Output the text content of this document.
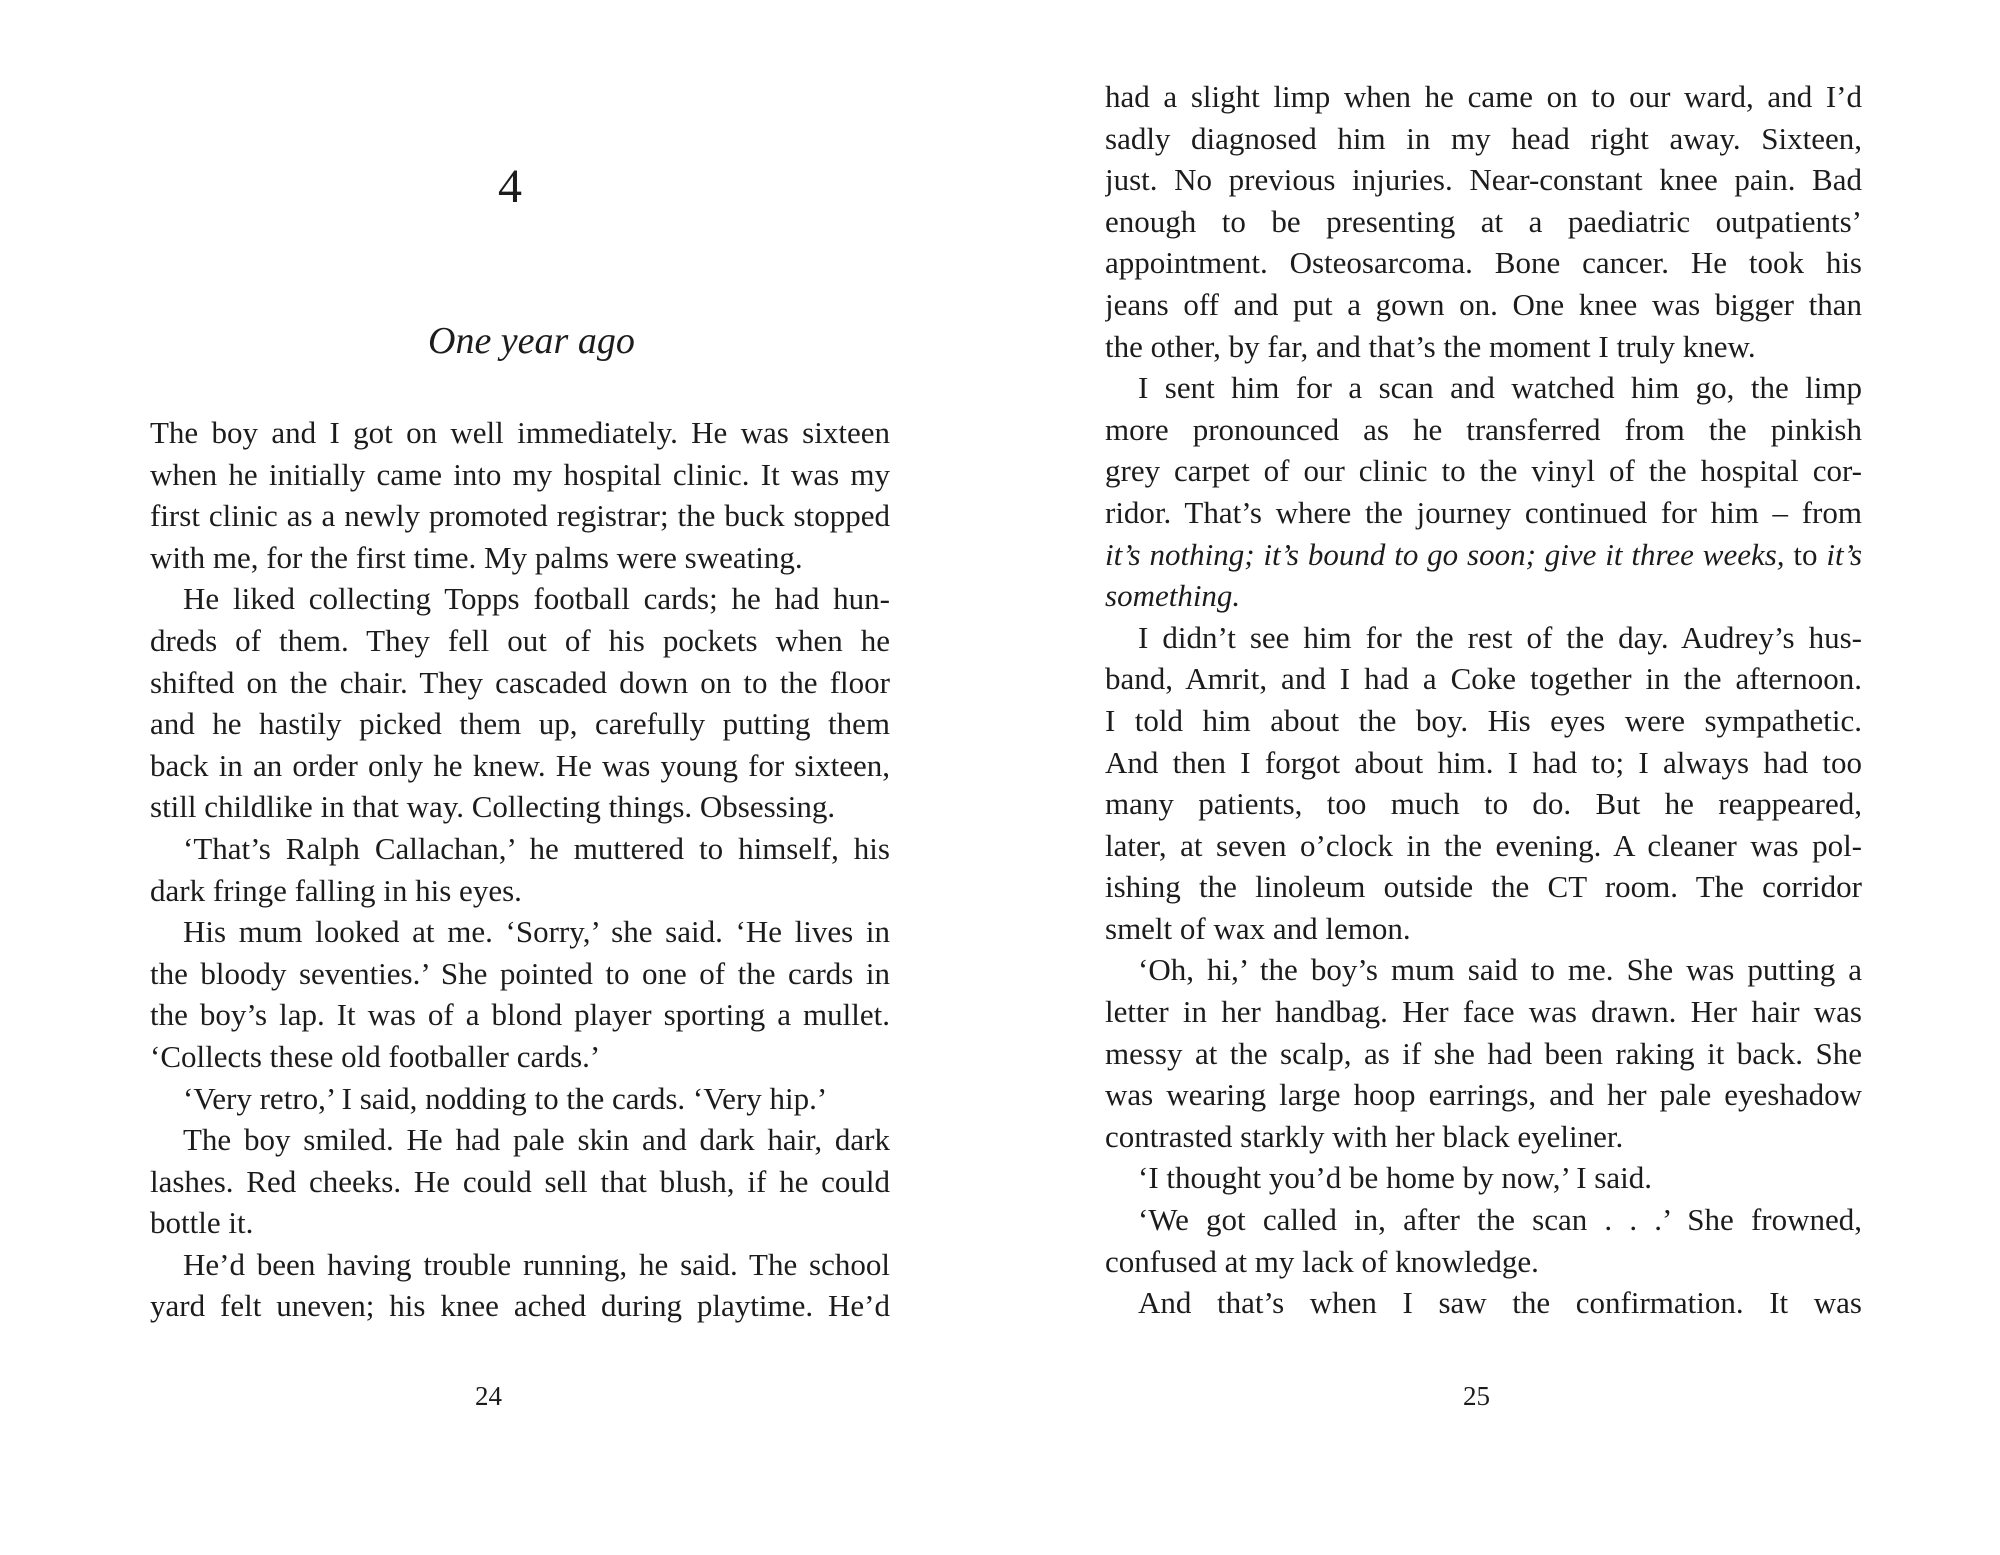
4
One year ago
The boy and I got on well immediately. He was sixteen
when he initially came into my hospital clinic. It was my
first clinic as a newly promoted registrar; the buck stopped
with me, for the first time. My palms were sweating.
He liked collecting Topps football cards; he had hun-
dreds of them. They fell out of his pockets when he
shifted on the chair. They cascaded down on to the floor
and he hastily picked them up, carefully putting them
back in an order only he knew. He was young for sixteen,
still childlike in that way. Collecting things. Obsessing.
‘That’s Ralph Callachan,’ he muttered to himself, his
dark fringe falling in his eyes.
His mum looked at me. ‘Sorry,’ she said. ‘He lives in
the bloody seventies.’ She pointed to one of the cards in
the boy’s lap. It was of a blond player sporting a mullet.
‘Collects these old footballer cards.’
‘Very retro,’ I said, nodding to the cards. ‘Very hip.’
The boy smiled. He had pale skin and dark hair, dark
lashes. Red cheeks. He could sell that blush, if he could
bottle it.
He’d been having trouble running, he said. The school
yard felt uneven; his knee ached during playtime. He’d
24
had a slight limp when he came on to our ward, and I’d
sadly diagnosed him in my head right away. Sixteen,
just. No previous injuries. Near-constant knee pain. Bad
enough to be presenting at a paediatric outpatients’
appointment. Osteosarcoma. Bone cancer. He took his
jeans off and put a gown on. One knee was bigger than
the other, by far, and that’s the moment I truly knew.
I sent him for a scan and watched him go, the limp
more pronounced as he transferred from the pinkish
grey carpet of our clinic to the vinyl of the hospital cor-
ridor. That’s where the journey continued for him – from
it’s nothing; it’s bound to go soon; give it three weeks, to it’s
something.
I didn’t see him for the rest of the day. Audrey’s hus-
band, Amrit, and I had a Coke together in the afternoon.
I told him about the boy. His eyes were sympathetic.
And then I forgot about him. I had to; I always had too
many patients, too much to do. But he reappeared,
later, at seven o’clock in the evening. A cleaner was pol-
ishing the linoleum outside the CT room. The corridor
smelt of wax and lemon.
‘Oh, hi,’ the boy’s mum said to me. She was putting a
letter in her handbag. Her face was drawn. Her hair was
messy at the scalp, as if she had been raking it back. She
was wearing large hoop earrings, and her pale eyeshadow
contrasted starkly with her black eyeliner.
‘I thought you’d be home by now,’ I said.
‘We got called in, after the scan . . .’ She frowned,
confused at my lack of knowledge.
And that’s when I saw the confirmation. It was
25
